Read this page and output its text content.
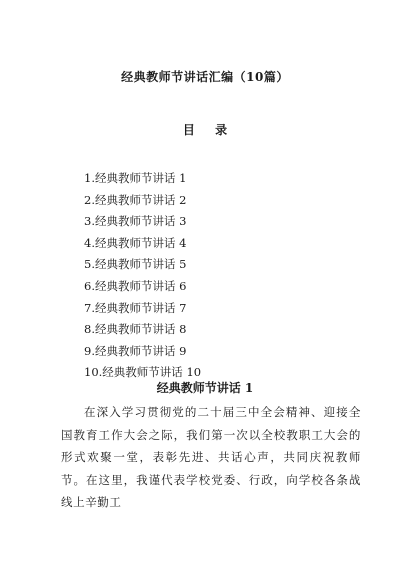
经典教师节讲话汇编（10篇）
目 录
1.经典教师节讲话 1
2.经典教师节讲话 2
3.经典教师节讲话 3
4.经典教师节讲话 4
5.经典教师节讲话 5
6.经典教师节讲话 6
7.经典教师节讲话 7
8.经典教师节讲话 8
9.经典教师节讲话 9
10.经典教师节讲话 10
经典教师节讲话 1

在深入学习贯彻党的二十届三中全会精神、迎接全国教育工作大会之际，我们第一次以全校教职工大会的形式欢聚一堂，表彰先进、共话心声，共同庆祝教师节。在这里，我谨代表学校党委、行政，向学校各条战线上辛勤工
